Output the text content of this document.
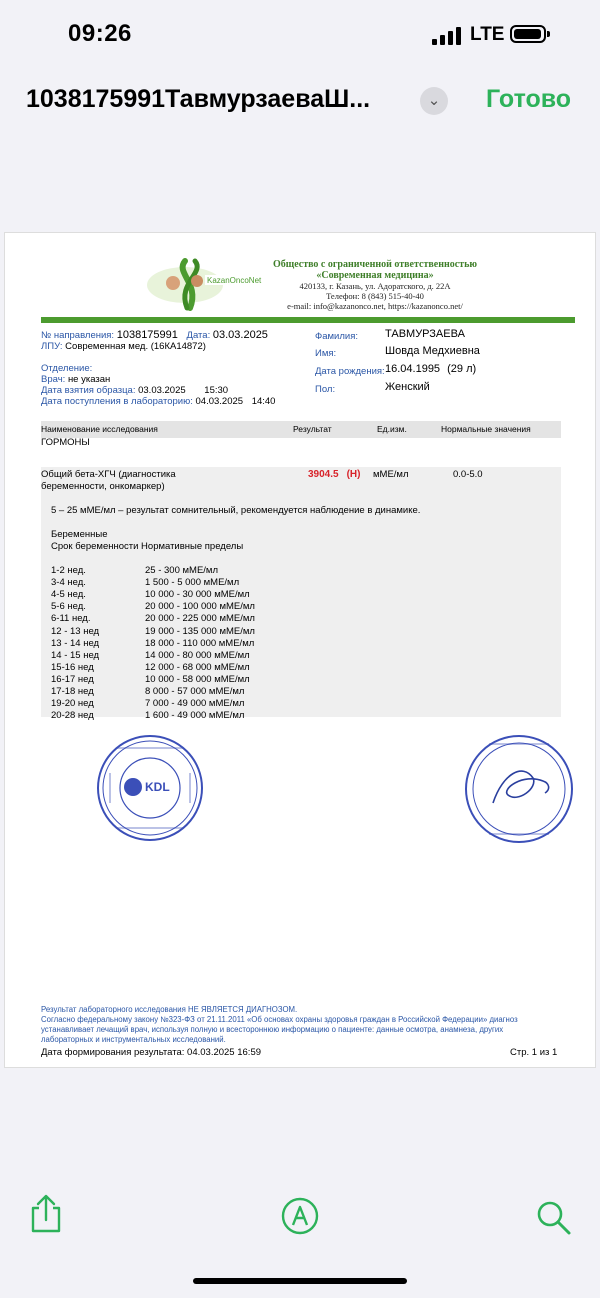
09:26	LTE
1038175991ТавмурзаеваШ...	⌄	Готово
KazanOncoNet
Общество с ограниченной ответственностью
«Современная медицина»
420133, г. Казань, ул. Адоратского, д. 22А
Телефон: 8 (843) 515-40-40
e-mail: info@kazanonco.net, https://kazanonco.net/
№ направления: 1038175991 Дата: 03.03.2025
ЛПУ: Современная мед. (16КА14872)
Отделение:
Врач: не указан
Дата взятия образца: 03.03.2025 15:30
Дата поступления в лабораторию: 04.03.2025 14:40
Фамилия: ТАВМУРЗАЕВА
Имя:	Шовда Медхиевна
Дата рождения: 16.04.1995 (29 л)
Пол:	Женский
Наименование исследования	Результат	Ед.изм.	Нормальные значения
ГОРМОНЫ
Общий бета-ХГЧ (диагностика
беременности, онкомаркер)
3904.5 (H) мМЕ/мл	0.0-5.0
5 – 25 мМЕ/мл – результат сомнительный, рекомендуется наблюдение в динамике.
Беременные
Срок беременности Нормативные пределы
1-2 нед.	25 - 300 мМЕ/мл
3-4 нед.	1 500 - 5 000 мМЕ/мл
4-5 нед.	10 000 - 30 000 мМЕ/мл
5-6 нед.	20 000 - 100 000 мМЕ/мл
6-11 нед.	20 000 - 225 000 мМЕ/мл
12 - 13 нед	19 000 - 135 000 мМЕ/мл
13 - 14 нед	18 000 - 110 000 мМЕ/мл
14 - 15 нед	14 000 - 80 000 мМЕ/мл
15-16 нед	12 000 - 68 000 мМЕ/мл
16-17 нед	10 000 - 58 000 мМЕ/мл
17-18 нед	8 000 - 57 000 мМЕ/мл
19-20 нед	7 000 - 49 000 мМЕ/мл
20-28 нед	1 600 - 49 000 мМЕ/мл
KDL
Результат лабораторного исследования НЕ ЯВЛЯЕТСЯ ДИАГНОЗОМ.
Согласно федеральному закону №323-ФЗ от 21.11.2011 «Об основах охраны здоровья граждан в Российской Федерации» диагноз
устанавливает лечащий врач, используя полную и всестороннюю информацию о пациенте: данные осмотра, анамнеза, других
лабораторных и инструментальных исследований.
Дата формирования результата: 04.03.2025 16:59	Стр. 1 из 1
